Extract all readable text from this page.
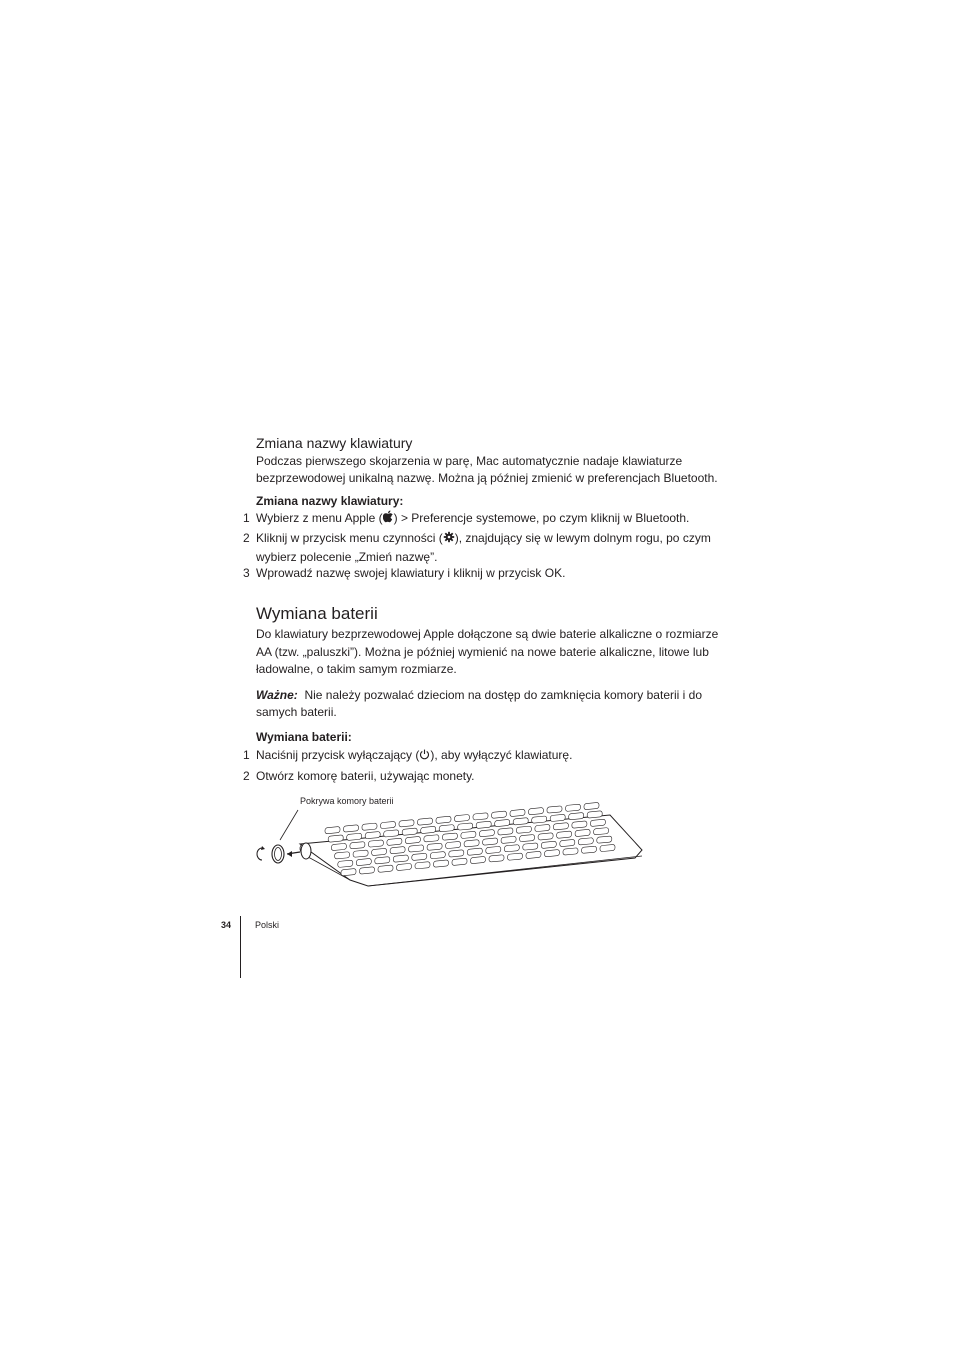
Zmiana nazwy klawiatury
Podczas pierwszego skojarzenia w parę, Mac automatycznie nadaje klawiaturze
bezprzewodowej unikalną nazwę. Można ją później zmienić w preferencjach Bluetooth.
Zmiana nazwy klawiatury:
1 Wybierz z menu Apple ( ) > Preferencje systemowe, po czym kliknij w Bluetooth.
2 Kliknij w przycisk menu czynności ( ), znajdujący się w lewym dolnym rogu, po czym
wybierz polecenie „Zmień nazwę”.
3 Wprowadź nazwę swojej klawiatury i kliknij w przycisk OK.
Wymiana baterii
Do klawiatury bezprzewodowej Apple dołączone są dwie baterie alkaliczne o rozmiarze
AA (tzw. „paluszki”). Można je później wymienić na nowe baterie alkaliczne, litowe lub
ładowalne, o takim samym rozmiarze.
Ważne: Nie należy pozwalać dzieciom na dostęp do zamknięcia komory baterii i do
samych baterii.
Wymiana baterii:
1 Naciśnij przycisk wyłączający ( ), aby wyłączyć klawiaturę.
2 Otwórz komorę baterii, używając monety.
Pokrywa komory baterii
34	Polski
